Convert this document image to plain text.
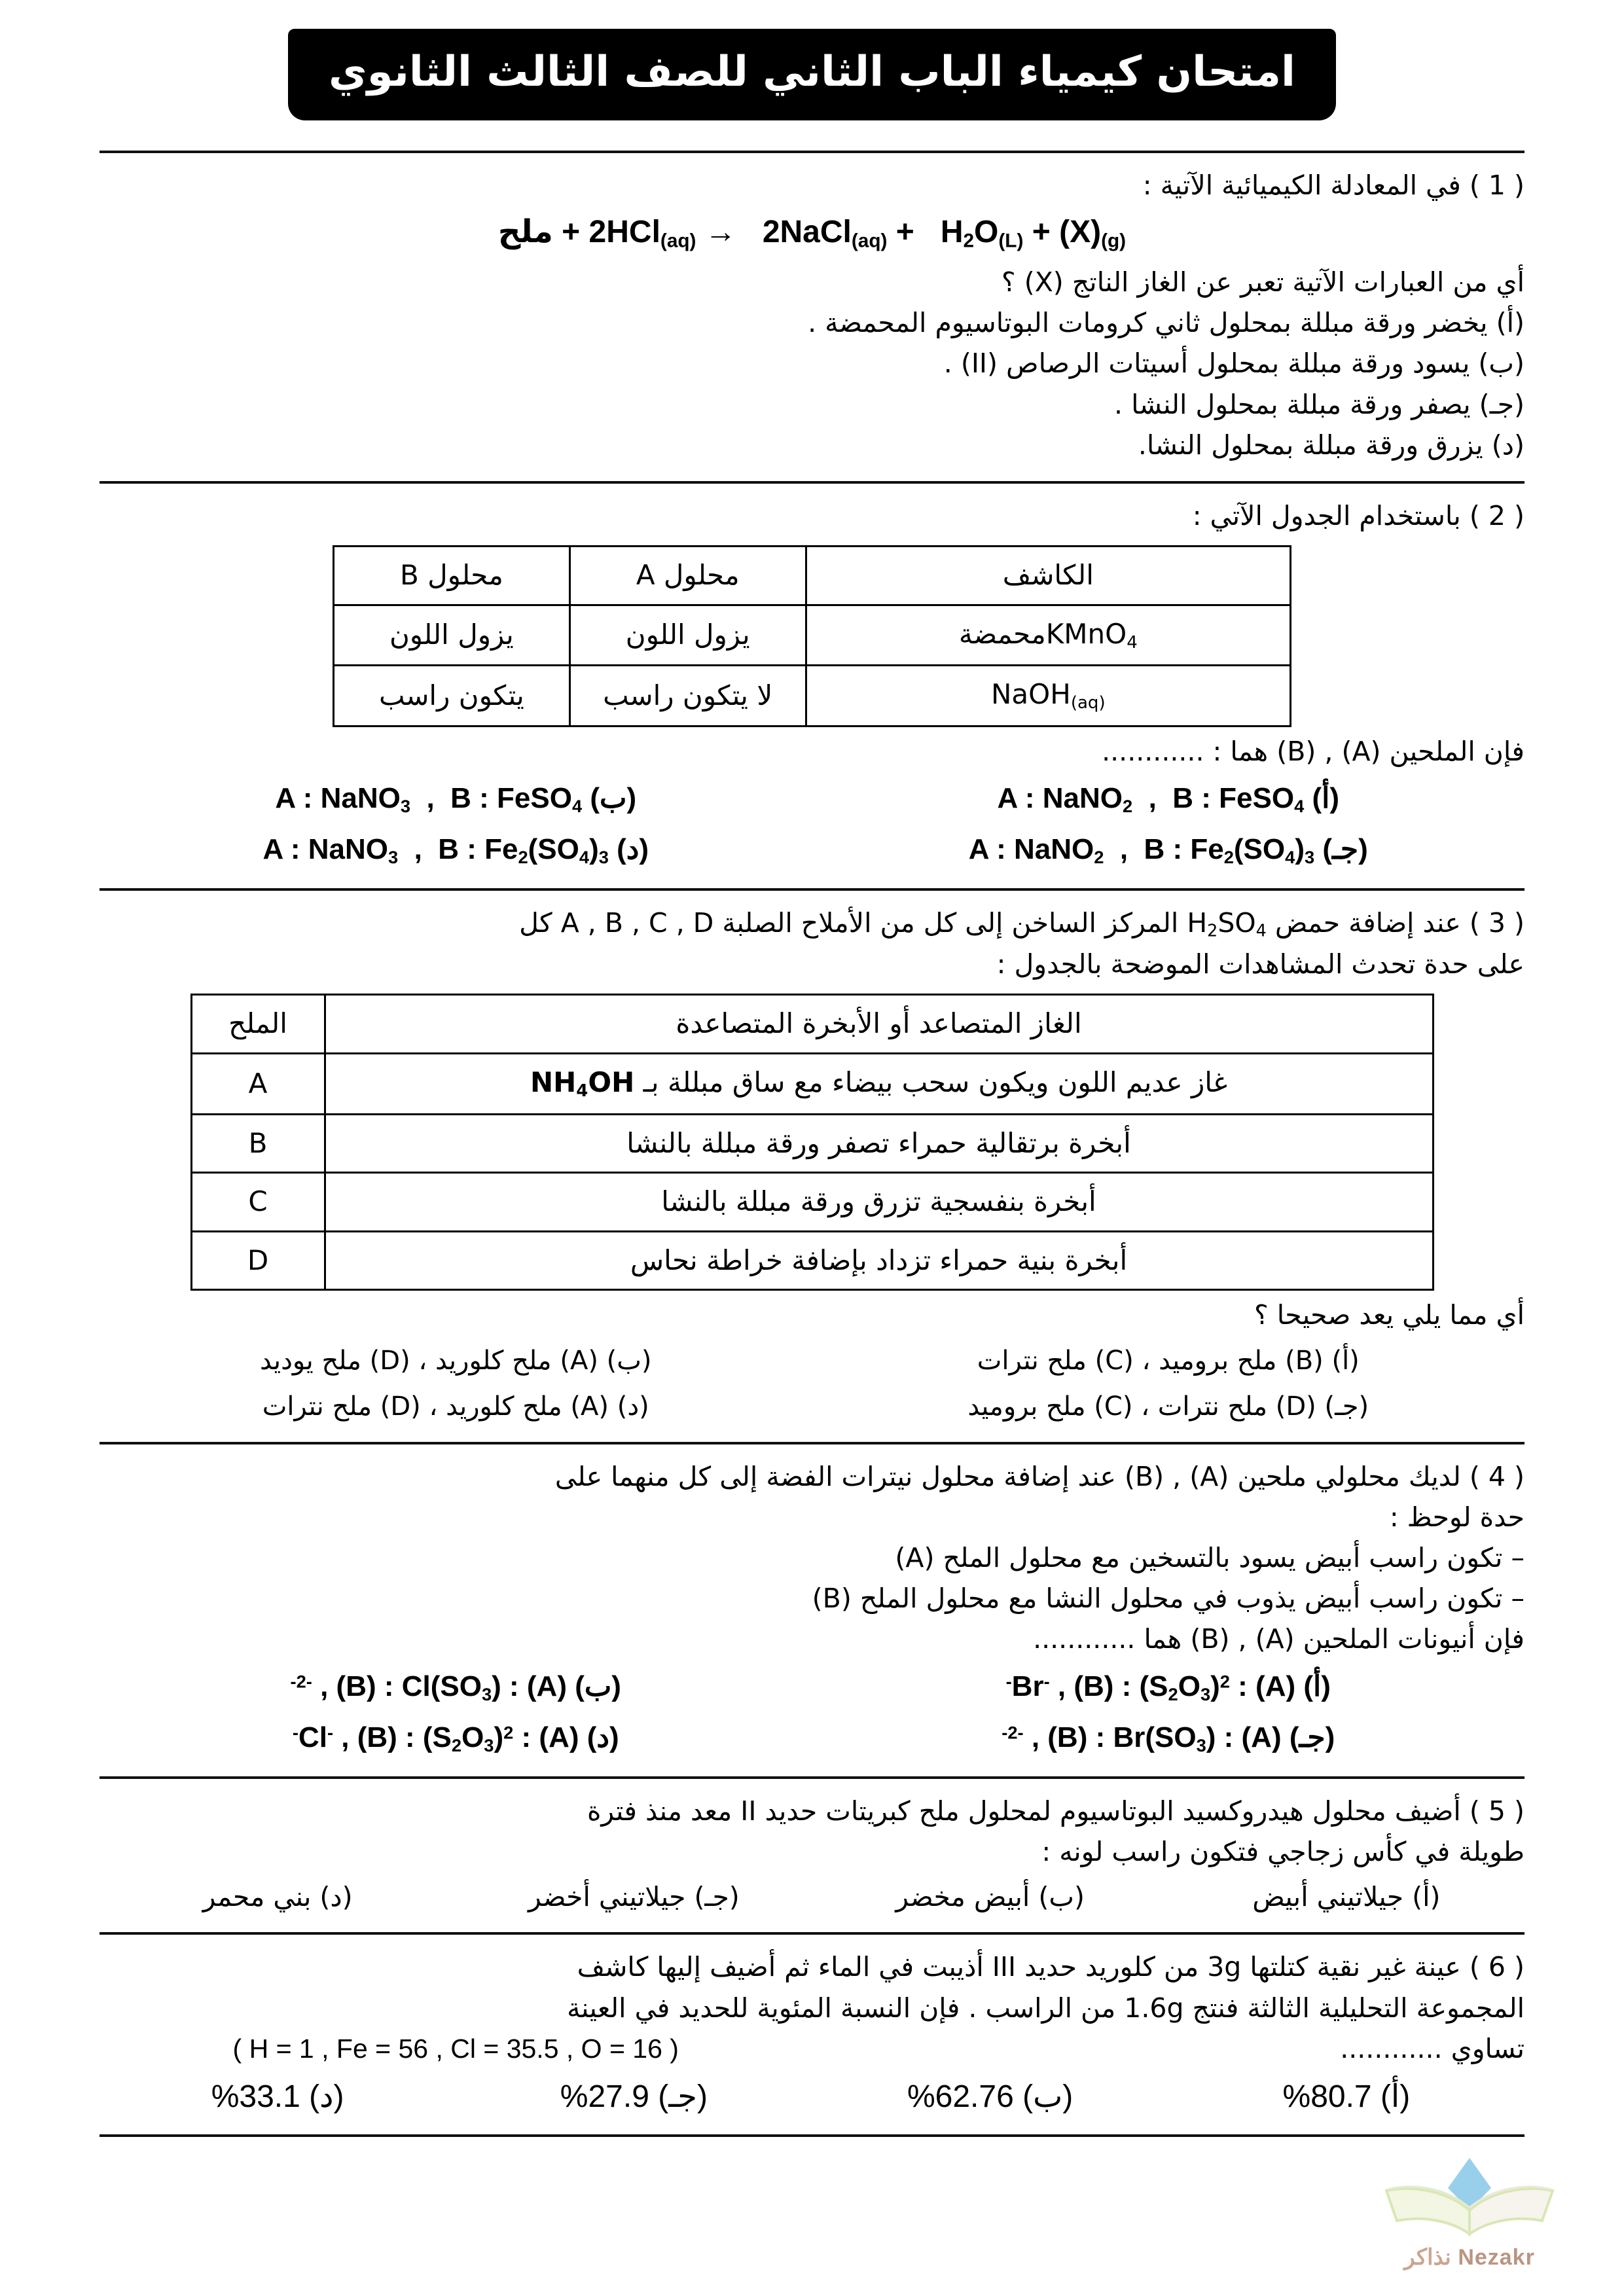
امتحان كيمياء الباب الثاني للصف الثالث الثانوي
( 1 ) في المعادلة الكيميائية الآتية :
ملح + 2HCl$_{(aq)}$ → 2NaCl$_{(aq)}$ + $H_2O_{(L)} + (X)_{(g)}$
أي من العبارات الآتية تعبر عن الغاز الناتج (X) ؟
(أ) يخضر ورقة مبللة بمحلول ثاني كرومات البوتاسيوم المحمضة .
(ب) يسود ورقة مبللة بمحلول أسيتات الرصاص (II) .
(جـ) يصفر ورقة مبللة بمحلول النشا .
(د) يزرق ورقة مبللة بمحلول النشا.
( 2 ) باستخدام الجدول الآتي :
الكاشف	محلول A	محلول B
KMnO$_4$محمضة	يزول اللون	يزول اللون
NaOH$_{(aq)}$	لا يتكون راسب	يتكون راسب
فإن الملحين (A) , (B) هما : ............
(أ) A : NaNO$_2$  ,  B : FeSO$_4$
(ب) A : NaNO$_3$  ,  B : FeSO$_4$
(جـ) A : NaNO$_2$  ,  B : $Fe_2(SO_4)_3$
(د) A : NaNO$_3$  ,  B : $Fe_2(SO_4)_3$
( 3 ) عند إضافة حمض $H_2SO_4$ المركز الساخن إلى كل من الأملاح الصلبة A , B , C , D كل
على حدة تحدث المشاهدات الموضحة بالجدول :
الغاز المتصاعد أو الأبخرة المتصاعدة	الملح
غاز عديم اللون ويكون سحب بيضاء مع ساق مبللة بـ $NH_4OH$	A
أبخرة برتقالية حمراء تصفر ورقة مبللة بالنشا	B
أبخرة بنفسجية تزرق ورقة مبللة بالنشا	C
أبخرة بنية حمراء تزداد بإضافة خراطة نحاس	D
أي مما يلي يعد صحيحا ؟
(أ) (B) ملح بروميد ، (C) ملح نترات
(ب) (A) ملح كلوريد ، (D) ملح يوديد
(جـ) (D) ملح نترات ، (C) ملح بروميد
(د) (A) ملح كلوريد ، (D) ملح نترات
( 4 ) لديك محلولي ملحين (A) , (B) عند إضافة محلول نيترات الفضة إلى كل منهما على
حدة لوحظ :
– تكون راسب أبيض يسود بالتسخين مع محلول الملح (A)
– تكون راسب أبيض يذوب في محلول النشا مع محلول الملح (B)
فإن أنيونات الملحين (A) , (B) هما ............
(أ) (A) : Br- , (B) : $(S_2O_3)^{2-}$
(ب) (A) : $(SO_3)^{2-}$ , (B) : Cl-
(جـ) (A) : $(SO_3)^{2-}$ , (B) : Br-
(د) (A) : Cl- , (B) : $(S_2O_3)^{2-}$
( 5 ) أضيف محلول هيدروكسيد البوتاسيوم لمحلول ملح كبريتات حديد II معد منذ فترة
طويلة في كأس زجاجي فتكون راسب لونه :
(أ) جيلاتيني أبيض
(ب) أبيض مخضر
(جـ) جيلاتيني أخضر
(د) بني محمر
( 6 ) عينة غير نقية كتلتها 3g من كلوريد حديد III أذيبت في الماء ثم أضيف إليها كاشف
المجموعة التحليلية الثالثة فنتج 1.6g من الراسب . فإن النسبة المئوية للحديد في العينة
تساوي ............
( H = 1 , Fe = 56 , Cl = 35.5 , O = 16 )
(أ) 80.7%
(ب) 62.76%
(جـ) 27.9%
(د) 33.1%
Nezakr نذاكر
